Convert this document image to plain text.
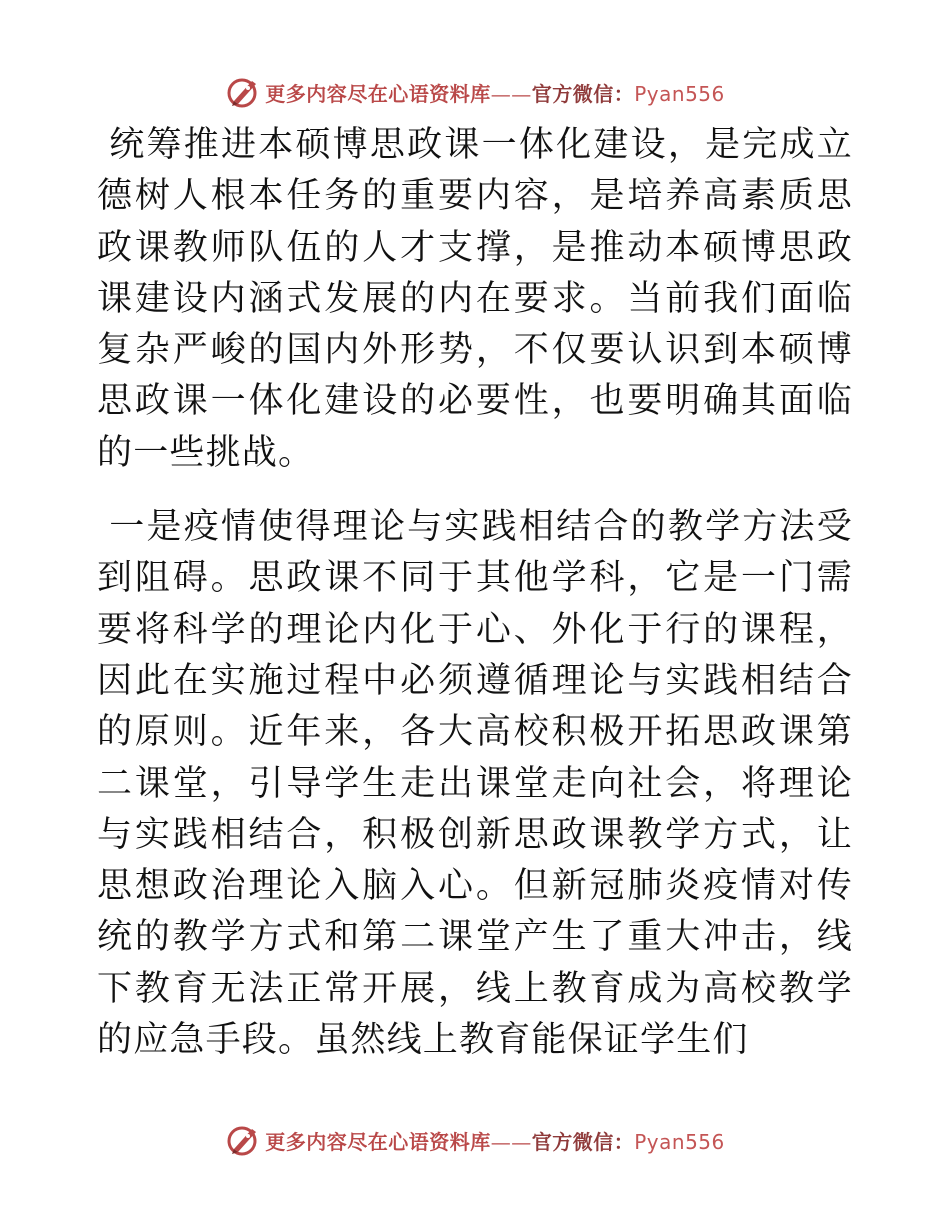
更多内容尽在心语资料库——官方微信：Pyan556

统筹推进本硕博思政课一体化建设，是完成立德树人根本任务的重要内容，是培养高素质思政课教师队伍的人才支撑，是推动本硕博思政课建设内涵式发展的内在要求。当前我们面临复杂严峻的国内外形势，不仅要认识到本硕博思政课一体化建设的必要性，也要明确其面临的一些挑战。

一是疫情使得理论与实践相结合的教学方法受到阻碍。思政课不同于其他学科，它是一门需要将科学的理论内化于心、外化于行的课程，因此在实施过程中必须遵循理论与实践相结合的原则。近年来，各大高校积极开拓思政课第二课堂，引导学生走出课堂走向社会，将理论与实践相结合，积极创新思政课教学方式，让思想政治理论入脑入心。但新冠肺炎疫情对传统的教学方式和第二课堂产生了重大冲击，线下教育无法正常开展，线上教育成为高校教学的应急手段。虽然线上教育能保证学生们

更多内容尽在心语资料库——官方微信：Pyan556
